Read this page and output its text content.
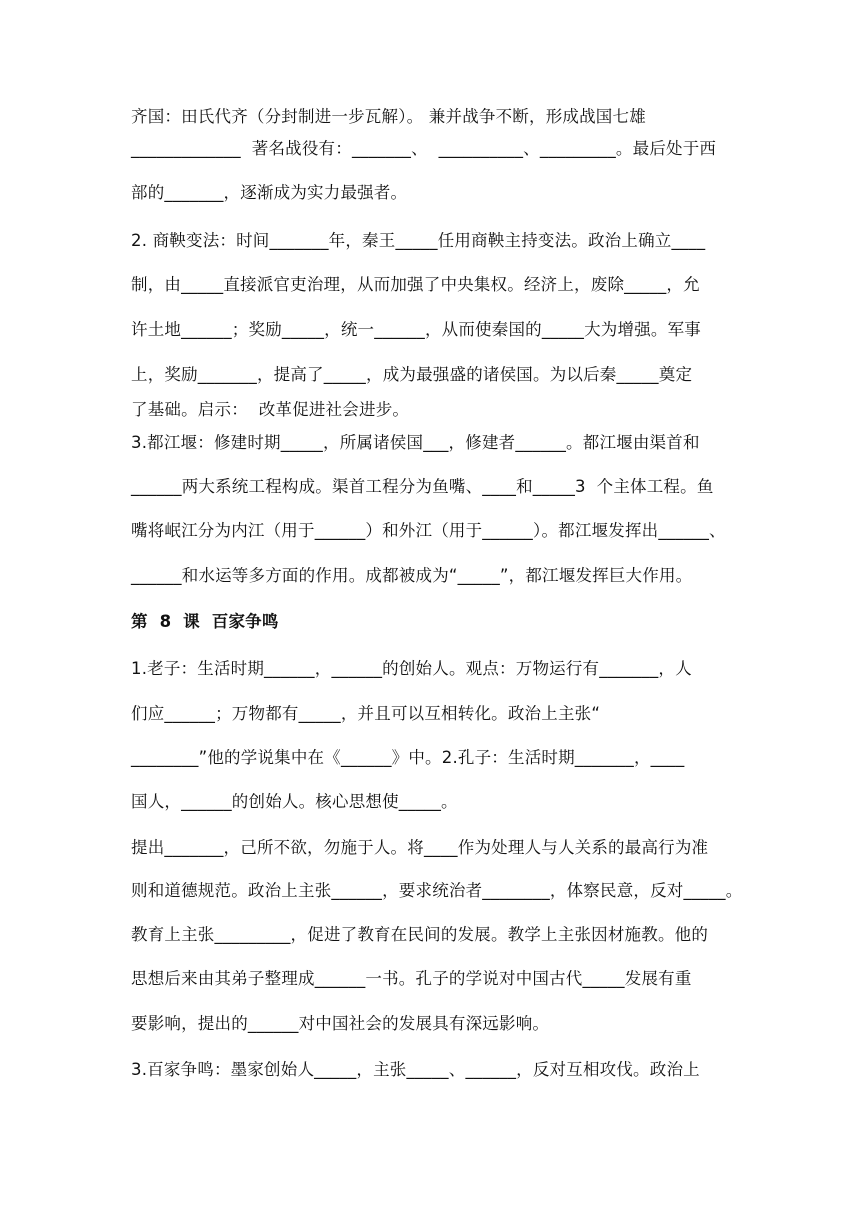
齐国：田氏代齐（分封制进一步瓦解）。 兼并战争不断，形成战国七雄
_____________  著名战役有：_______、  __________、_________。最后处于西
部的_______，逐渐成为实力最强者。
2. 商鞅变法：时间_______年，秦王_____任用商鞅主持变法。政治上确立____
制，由_____直接派官吏治理，从而加强了中央集权。经济上，废除_____，允
许土地______；奖励_____，统一______，从而使秦国的_____大为增强。军事
上，奖励_______，提高了_____，成为最强盛的诸侯国。为以后秦_____奠定
了基础。启示：  改革促进社会进步。
3.都江堰：修建时期_____，所属诸侯国___，修建者______。都江堰由渠首和
______两大系统工程构成。渠首工程分为鱼嘴、____和_____3  个主体工程。鱼
嘴将岷江分为内江（用于______）和外江（用于______）。都江堰发挥出______、
______和水运等多方面的作用。成都被成为“_____”，都江堰发挥巨大作用。
第  8  课  百家争鸣
1.老子：生活时期______，______的创始人。观点：万物运行有_______，人
们应______；万物都有_____，并且可以互相转化。政治上主张“
________”他的学说集中在《______》中。2.孔子：生活时期_______，____
国人，______的创始人。核心思想使_____。
提出_______，己所不欲，勿施于人。将____作为处理人与人关系的最高行为准
则和道德规范。政治上主张______，要求统治者________，体察民意，反对_____。
教育上主张_________，促进了教育在民间的发展。教学上主张因材施教。他的
思想后来由其弟子整理成______一书。孔子的学说对中国古代_____发展有重
要影响，提出的______对中国社会的发展具有深远影响。
3.百家争鸣：墨家创始人_____，主张_____、______，反对互相攻伐。政治上
